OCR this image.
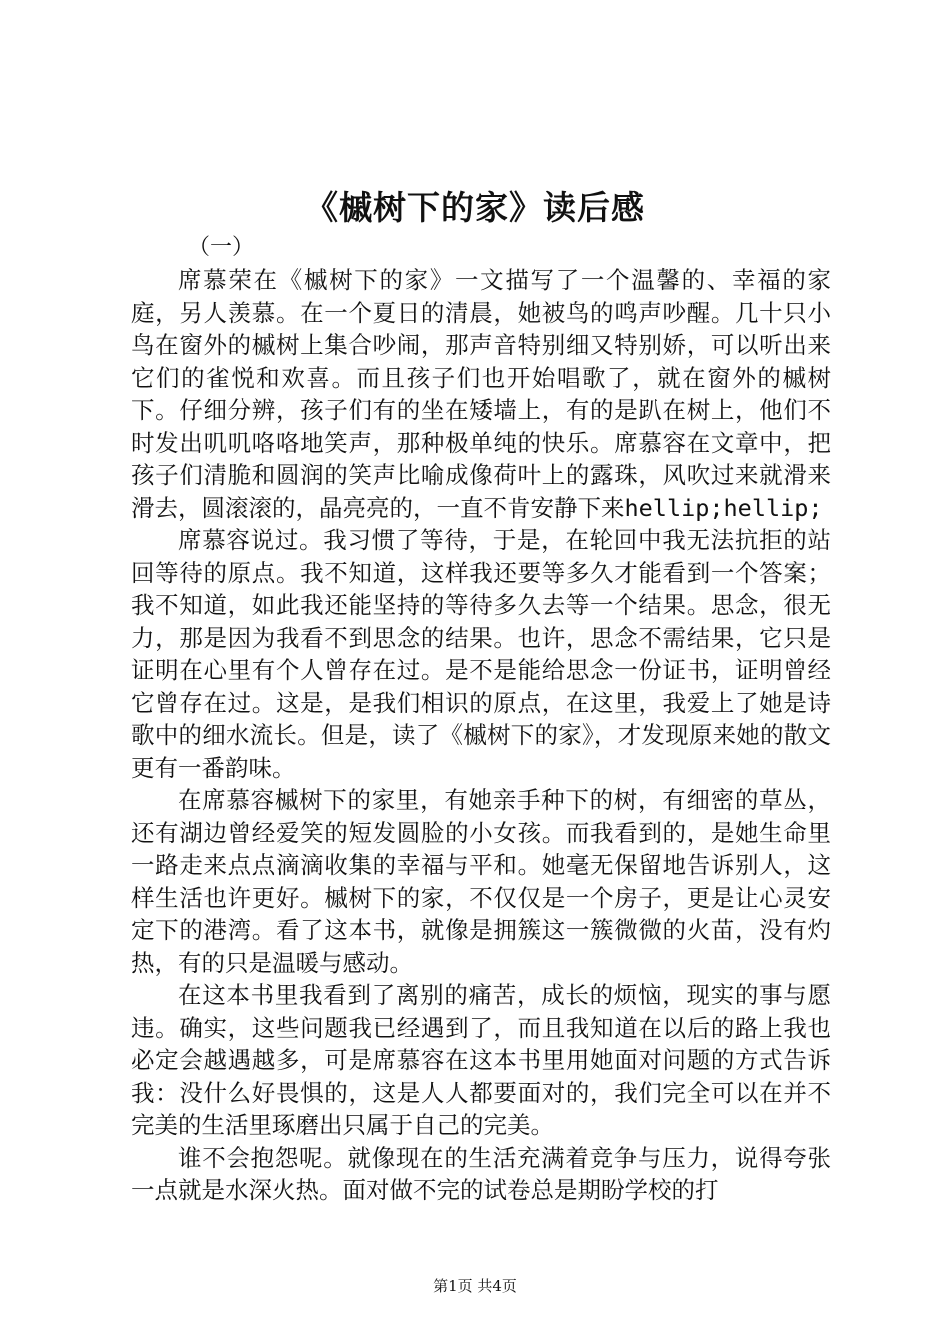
《槭树下的家》读后感
（一）

席慕荣在《槭树下的家》一文描写了一个温馨的、幸福的家庭，另人羡慕。在一个夏日的清晨，她被鸟的鸣声吵醒。几十只小鸟在窗外的槭树上集合吵闹，那声音特别细又特别娇，可以听出来它们的雀悦和欢喜。而且孩子们也开始唱歌了，就在窗外的槭树下。仔细分辨，孩子们有的坐在矮墙上，有的是趴在树上，他们不时发出叽叽咯咯地笑声，那种极单纯的快乐。席慕容在文章中，把孩子们清脆和圆润的笑声比喻成像荷叶上的露珠，风吹过来就滑来滑去，圆滚滚的，晶亮亮的，一直不肯安静下来hellip;hellip;

席慕容说过。我习惯了等待，于是，在轮回中我无法抗拒的站回等待的原点。我不知道，这样我还要等多久才能看到一个答案；我不知道，如此我还能坚持的等待多久去等一个结果。思念，很无力，那是因为我看不到思念的结果。也许，思念不需结果，它只是证明在心里有个人曾存在过。是不是能给思念一份证书，证明曾经它曾存在过。这是，是我们相识的原点，在这里，我爱上了她是诗歌中的细水流长。但是，读了《槭树下的家》，才发现原来她的散文更有一番韵味。

在席慕容槭树下的家里，有她亲手种下的树，有细密的草丛，还有湖边曾经爱笑的短发圆脸的小女孩。而我看到的，是她生命里一路走来点点滴滴收集的幸福与平和。她毫无保留地告诉别人，这样生活也许更好。槭树下的家，不仅仅是一个房子，更是让心灵安定下的港湾。看了这本书，就像是拥簇这一簇微微的火苗，没有灼热，有的只是温暖与感动。

在这本书里我看到了离别的痛苦，成长的烦恼，现实的事与愿违。确实，这些问题我已经遇到了，而且我知道在以后的路上我也必定会越遇越多，可是席慕容在这本书里用她面对问题的方式告诉我：没什么好畏惧的，这是人人都要面对的，我们完全可以在并不完美的生活里琢磨出只属于自己的完美。

谁不会抱怨呢。就像现在的生活充满着竞争与压力，说得夸张一点就是水深火热。面对做不完的试卷总是期盼学校的打

第1页 共4页
